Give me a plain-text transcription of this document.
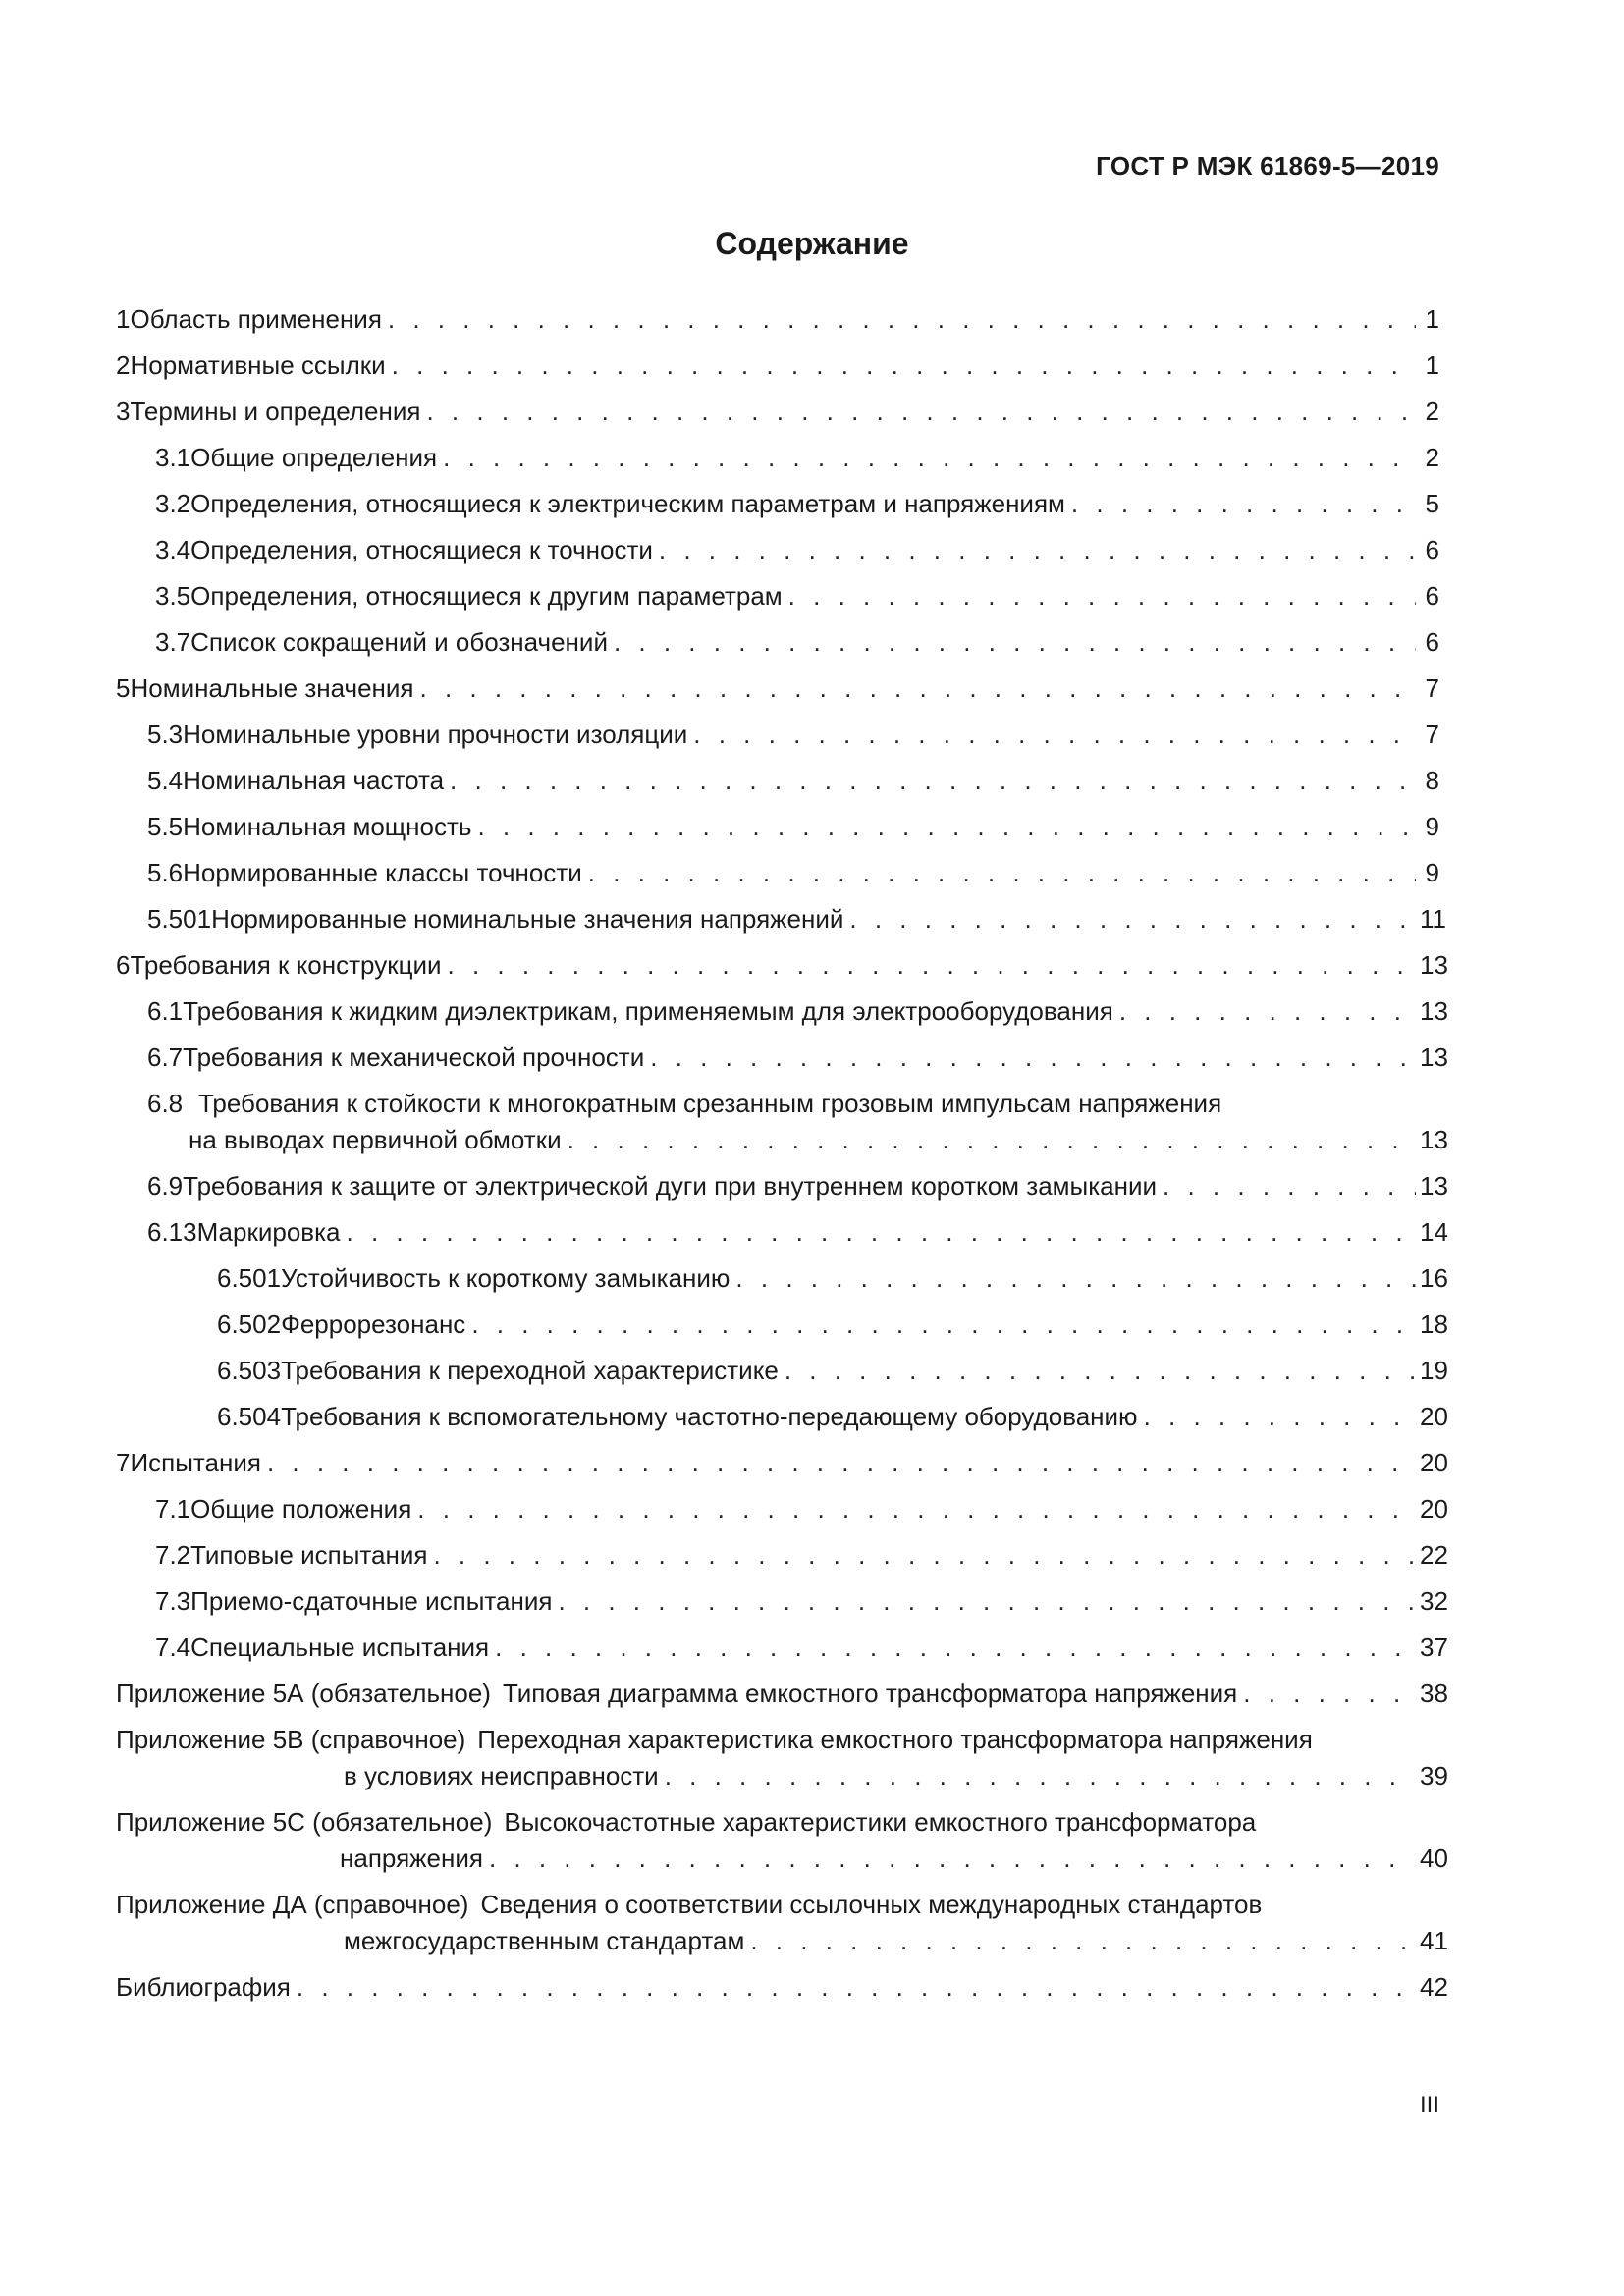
ГОСТ Р МЭК 61869-5—2019
Содержание
1 Область применения . . .	1
2 Нормативные ссылки . . .	1
3 Термины и определения . . .	2
3.1 Общие определения . . .	2
3.2 Определения, относящиеся к электрическим параметрам и напряжениям . . .	5
3.4 Определения, относящиеся к точности . . .	6
3.5 Определения, относящиеся к другим параметрам . . .	6
3.7 Список сокращений и обозначений . . .	6
5 Номинальные значения . . .	7
5.3 Номинальные уровни прочности изоляции . . .	7
5.4 Номинальная частота . . .	8
5.5 Номинальная мощность . . .	9
5.6 Нормированные классы точности . . .	9
5.501 Нормированные номинальные значения напряжений . . .	11
6 Требования к конструкции . . .	13
6.1 Требования к жидким диэлектрикам, применяемым для электрооборудования . . .	13
6.7 Требования к механической прочности . . .	13
6.8 Требования к стойкости к многократным срезанным грозовым импульсам напряжения
на выводах первичной обмотки . . .	13
6.9 Требования к защите от электрической дуги при внутреннем коротком замыкании . . .	13
6.13 Маркировка . . .	14
6.501 Устойчивость к короткому замыканию . . .	16
6.502 Феррорезонанс . . .	18
6.503 Требования к переходной характеристике . . .	19
6.504 Требования к вспомогательному частотно-передающему оборудованию . . .	20
7 Испытания . . .	20
7.1 Общие положения . . .	20
7.2 Типовые испытания . . .	22
7.3 Приемо-сдаточные испытания . . .	32
7.4 Специальные испытания . . .	37
Приложение 5А (обязательное) Типовая диаграмма емкостного трансформатора напряжения . . .	38
Приложение 5В (справочное) Переходная характеристика емкостного трансформатора напряжения
в условиях неисправности . . .	39
Приложение 5С (обязательное) Высокочастотные характеристики емкостного трансформатора
напряжения . . .	40
Приложение ДА (справочное) Сведения о соответствии ссылочных международных стандартов
межгосударственным стандартам . . .	41
Библиография . . .	42
III
